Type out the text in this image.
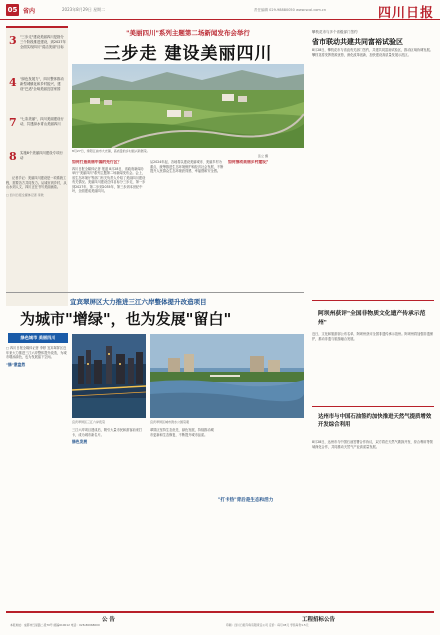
05 省内	2023年8月29日 星期二	责任编辑 029-98880050 www.scol.com.cn	四川日报
3 "三步走"建设美丽四川是指分三个阶段推进建设，到2027年全面实现四川"清洁美丽"目标
4 "绿色发展力"，四川整体推动新型城镇化和乡村振兴，建设"巴适"全域美丽宜居家园
7 "七彩美丽"，四川美丽建设行动，共建绿水青山美丽四川
8 实施8个美丽四川建设专项行动
记者手记：美丽四川建设是一项系统工程，需要各方共同发力。从城市到乡村，从山水到人文，四川正在书写美丽画卷。
□ 四川日报全媒体记者 李欣
"美丽四川"系列主题第二场新闻发布会举行
三步走 建设美丽四川
8月27日，绵阳江油市大光镇，高质量的乡村振兴新图景。
张立 摄
如何打造美丽中国的先行区？
四川日报全媒体记者 报道 8月28日，省政府新闻办举行"美丽四川"系列主题第二场新闻发布会。会上，省生态环境厅等部门有关负责人介绍了美丽四川建设有关情况。美丽四川建设总体目标分三步走，第一步到2027年，第二步到2035年，第三步到本世纪中叶，全面建成美丽四川。
从2024年起，各地将以建设美丽城市、美丽乡村为重点，统筹推进生态环境保护和经济社会发展，不断提升人民群众生态环境获得感、幸福感和安全感。
如何推动美丽乡村建设？
攀枝花市与多个省级部门签约
省市联动共建共同富裕试验区
8月28日，攀枝花市与省直有关部门签约，共建共同富裕试验区，推动区域协调发展。攀枝花将发挥资源优势，深化改革创新，加快建设高质量发展示范区。
阿坝州获评"全国非物质文化遗产传承示范州"
近日，文化和旅游部公布名单，阿坝州获评全国非遗传承示范州。阿坝州将加强非遗保护，推动非遗与旅游融合发展。
达州市与中国石油签约加快推进天然气提质增效开发综合利用
8月28日，达州市与中国石油签署合作协议，双方将在天然气勘探开发、综合利用等领域深化合作，共同推动天然气产业高质量发展。
宜宾翠屏区大力推进三江六岸整体提升改造项目
为城市"增绿"，也为发展"留白"
绿色城市 美丽四川
□ 四川日报全媒体记者 李婷 宜宾翠屏区近年来大力推进三江六岸整体提升改造，为城市增添绿色，也为发展留下空间。
"绿"意盎然
宜宾翠屏区三江六岸夜景	宜宾翠屏区城市滨水公园景观
三江六岸项目建成后，吸引大量市民和游客前来打卡，成为城市新名片。
绿色发展
翠屏区坚持生态优先、绿色发展，持续推动城市更新和生态修复，不断提升城市品质。
"打卡热"背后是生态和活力
公 告	工程招标公告
本报地址：成都市红星路二段70号 邮编610012 电话：028-86968000	印刷：四川日报印务有限责任公司 定价：每月45元 零售每份1.5元
